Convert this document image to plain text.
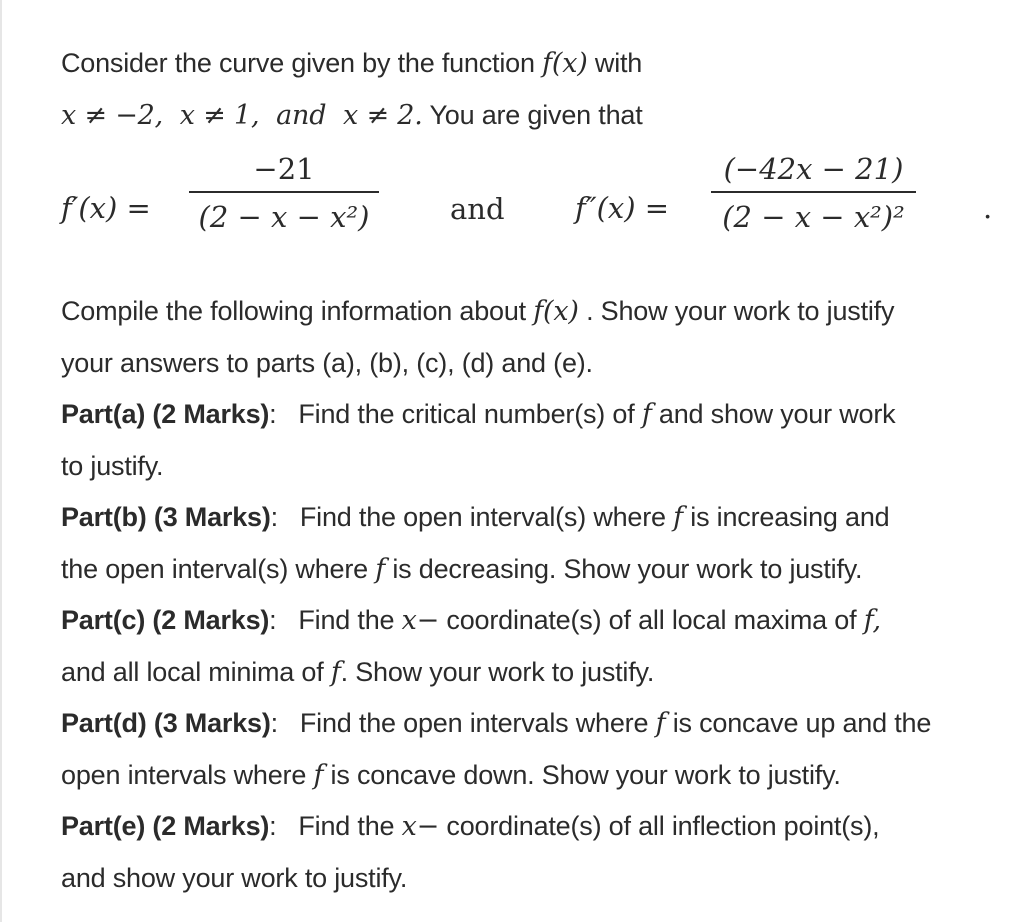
Consider the curve given by the function f(x) with
x ≠ −2,  x ≠ 1,  and  x ≠ 2. You are given that
f′(x) =
−21
(2 − x − x²)	and f″(x) =
(−42x − 21)
(2 − x − x²)²	.
Compile the following information about f(x) . Show your work to justify
your answers to parts (a), (b), (c), (d) and (e).
Part(a) (2 Marks):   Find the critical number(s) of f and show your work
to justify.
Part(b) (3 Marks):   Find the open interval(s) where f is increasing and
the open interval(s) where f is decreasing. Show your work to justify.
Part(c) (2 Marks):   Find the x− coordinate(s) of all local maxima of f,
and all local minima of f. Show your work to justify.
Part(d) (3 Marks):   Find the open intervals where f is concave up and the
open intervals where f is concave down. Show your work to justify.
Part(e) (2 Marks):   Find the x− coordinate(s) of all inflection point(s),
and show your work to justify.
